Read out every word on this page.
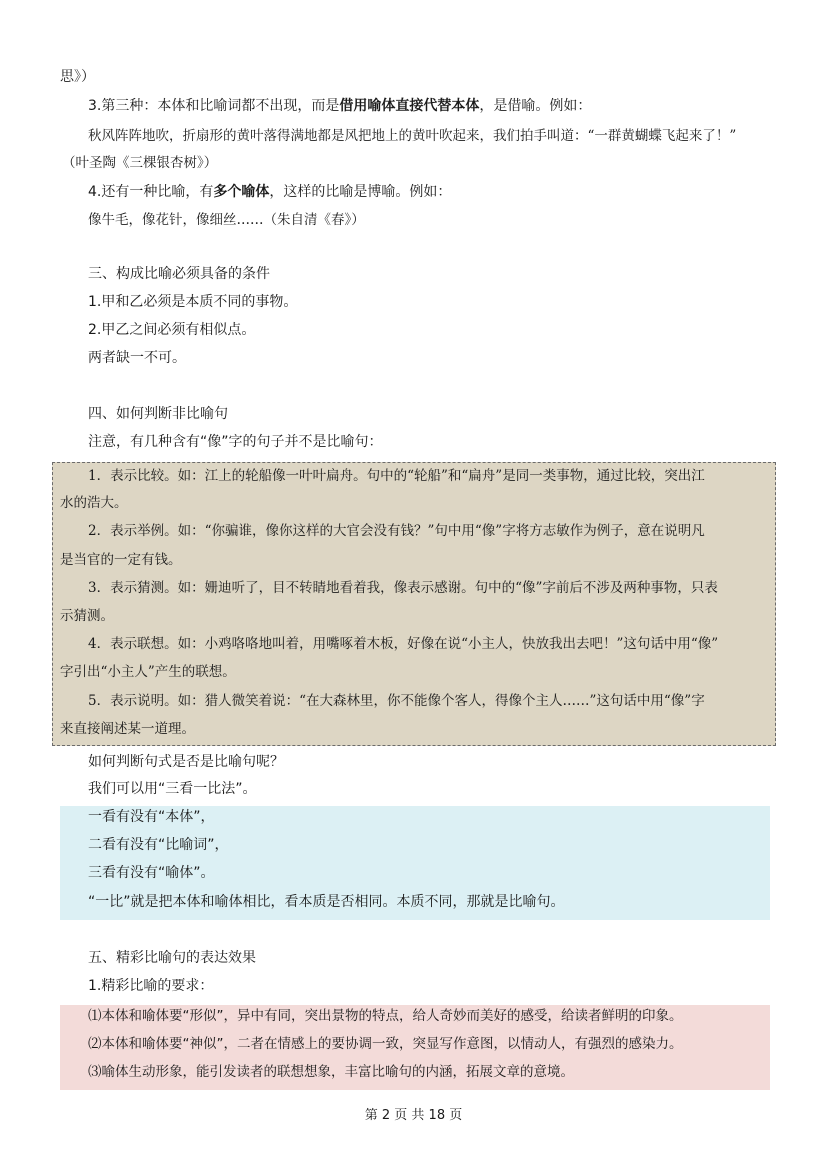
思》）
3.第三种：本体和比喻词都不出现，而是借用喻体直接代替本体，是借喻。例如：
秋风阵阵地吹，折扇形的黄叶落得满地都是风把地上的黄叶吹起来，我们拍手叫道：“一群黄蝴蝶飞起来了！”
（叶圣陶《三棵银杏树》）
4.还有一种比喻，有多个喻体，这样的比喻是博喻。例如：
像牛毛，像花针，像细丝……（朱自清《春》）
三、构成比喻必须具备的条件
1.甲和乙必须是本质不同的事物。
2.甲乙之间必须有相似点。
两者缺一不可。
四、如何判断非比喻句
注意，有几种含有“像”字的句子并不是比喻句：
1．表示比较。如：江上的轮船像一叶叶扁舟。句中的“轮船”和“扁舟”是同一类事物，通过比较，突出江
水的浩大。
2．表示举例。如：“你骗谁，像你这样的大官会没有钱？”句中用“像”字将方志敏作为例子，意在说明凡
是当官的一定有钱。
3．表示猜测。如：姗迪听了，目不转睛地看着我，像表示感谢。句中的“像”字前后不涉及两种事物，只表
示猜测。
4．表示联想。如：小鸡咯咯地叫着，用嘴啄着木板，好像在说“小主人，快放我出去吧！”这句话中用“像”
字引出“小主人”产生的联想。
5．表示说明。如：猎人微笑着说：“在大森林里，你不能像个客人，得像个主人……”这句话中用“像”字
来直接阐述某一道理。
如何判断句式是否是比喻句呢？
我们可以用“三看一比法”。
一看有没有“本体”，
二看有没有“比喻词”，
三看有没有“喻体”。
“一比”就是把本体和喻体相比，看本质是否相同。本质不同，那就是比喻句。
五、精彩比喻句的表达效果
1.精彩比喻的要求：
⑴本体和喻体要“形似”，异中有同，突出景物的特点，给人奇妙而美好的感受，给读者鲜明的印象。
⑵本体和喻体要“神似”，二者在情感上的要协调一致，突显写作意图，以情动人，有强烈的感染力。
⑶喻体生动形象，能引发读者的联想想象，丰富比喻句的内涵，拓展文章的意境。
第 2 页 共 18 页
